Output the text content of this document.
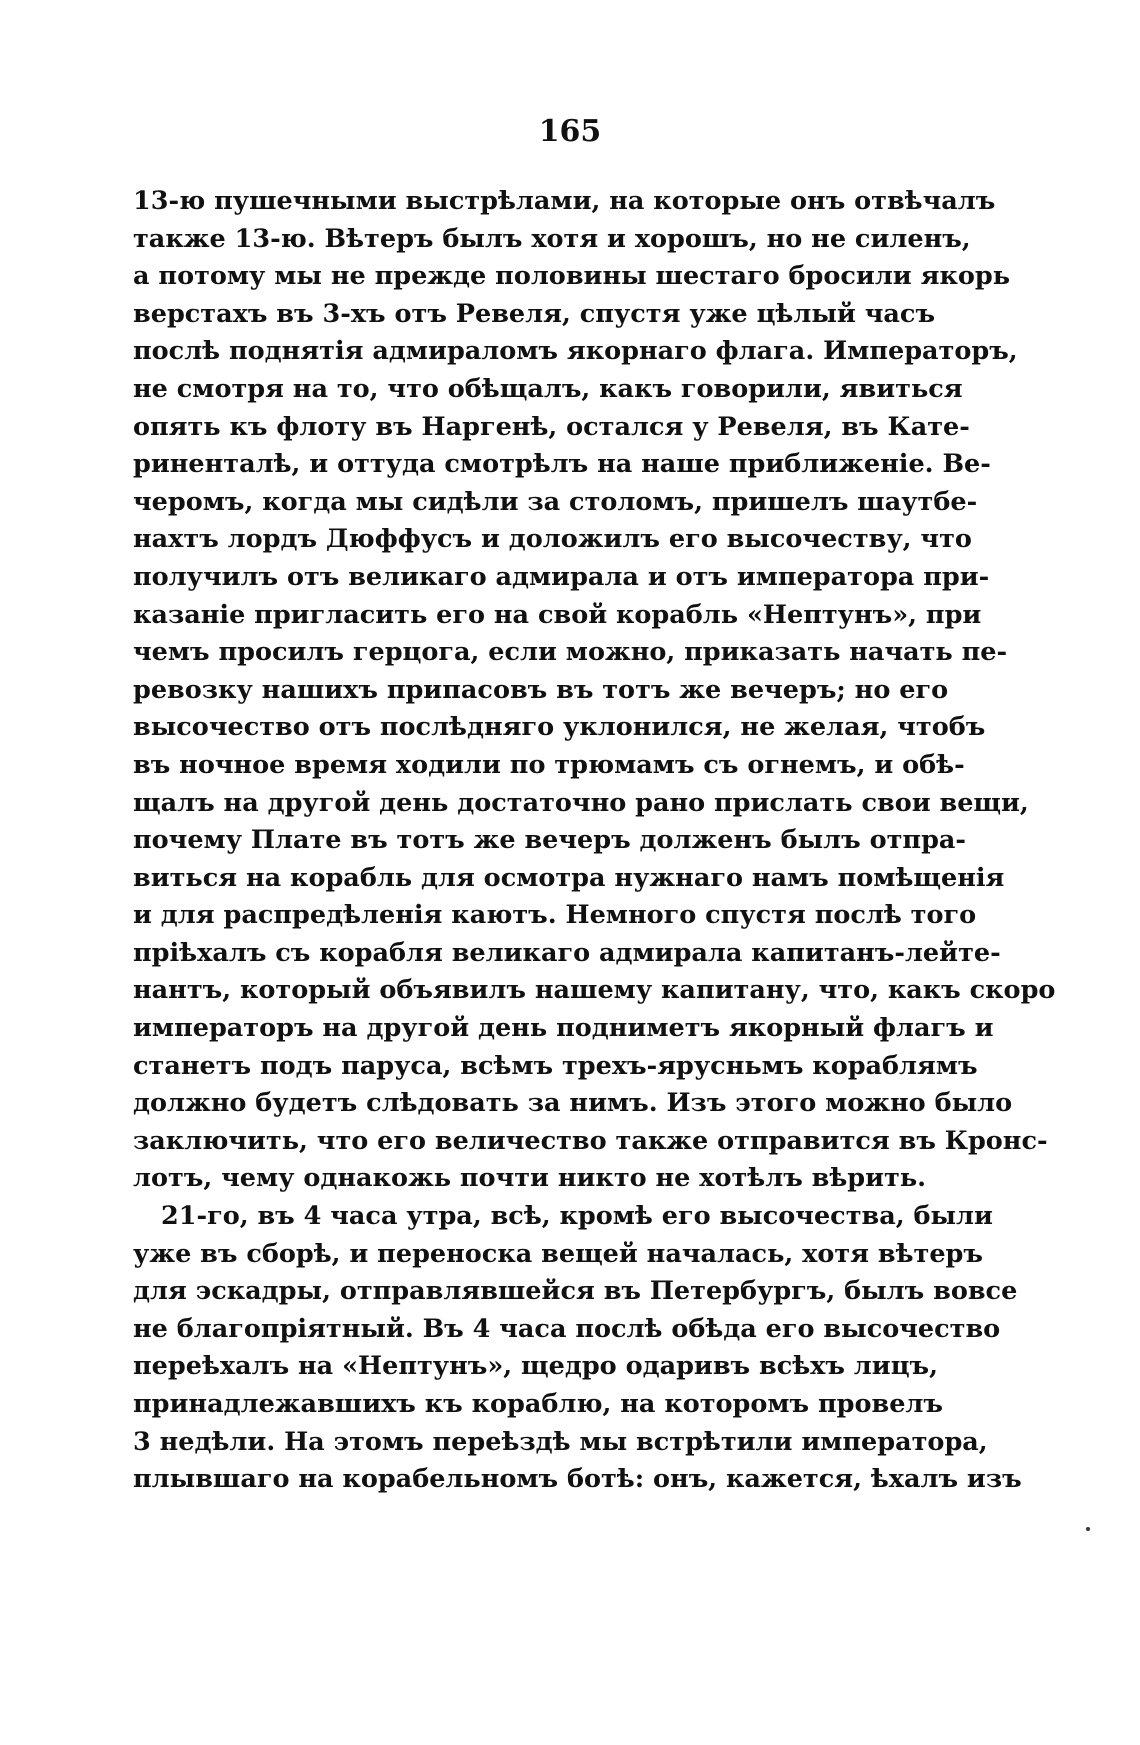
165
13-ю пушечными выстрѣлами, на которые онъ отвѣчалъ
также 13-ю. Вѣтеръ былъ хотя и хорошъ, но не силенъ,
а потому мы не прежде половины шестаго бросили якорь
верстахъ въ 3-хъ отъ Ревеля, спустя уже цѣлый часъ
послѣ поднятія адмираломъ якорнаго флага. Императоръ,
не смотря на то, что обѣщалъ, какъ говорили, явиться
опять къ флоту въ Наргенѣ, остался у Ревеля, въ Кате-
риненталѣ, и оттуда смотрѣлъ на наше приближеніе. Ве-
черомъ, когда мы сидѣли за столомъ, пришелъ шаутбе-
нахтъ лордъ Дюффусъ и доложилъ его высочеству, что
получилъ отъ великаго адмирала и отъ императора при-
казаніе пригласить его на свой корабль «Нептунъ», при
чемъ просилъ герцога, если можно, приказать начать пе-
ревозку нашихъ припасовъ въ тотъ же вечеръ; но его
высочество отъ послѣдняго уклонился, не желая, чтобъ
въ ночное время ходили по трюмамъ съ огнемъ, и обѣ-
щалъ на другой день достаточно рано прислать свои вещи,
почему Плате въ тотъ же вечеръ долженъ былъ отпра-
виться на корабль для осмотра нужнаго намъ помѣщенія
и для распредѣленія каютъ. Немного спустя послѣ того
пріѣхалъ съ корабля великаго адмирала капитанъ-лейте-
нантъ, который объявилъ нашему капитану, что, какъ скоро
императоръ на другой день подниметъ якорный флагъ и
станетъ подъ паруса, всѣмъ трехъ-ярусньмъ кораблямъ
должно будетъ слѣдовать за нимъ. Изъ этого можно было
заключить, что его величество также отправится въ Кронс-
лотъ, чему однакожь почти никто не хотѣлъ вѣрить.
21-го, въ 4 часа утра, всѣ, кромѣ его высочества, были
уже въ сборѣ, и переноска вещей началась, хотя вѣтеръ
для эскадры, отправлявшейся въ Петербургъ, былъ вовсе
не благопріятный. Въ 4 часа послѣ обѣда его высочество
переѣхалъ на «Нептунъ», щедро одаривъ всѣхъ лицъ,
принадлежавшихъ къ кораблю, на которомъ провелъ
3 недѣли. На этомъ переѣздѣ мы встрѣтили императора,
плывшаго на корабельномъ ботѣ: онъ, кажется, ѣхалъ изъ
